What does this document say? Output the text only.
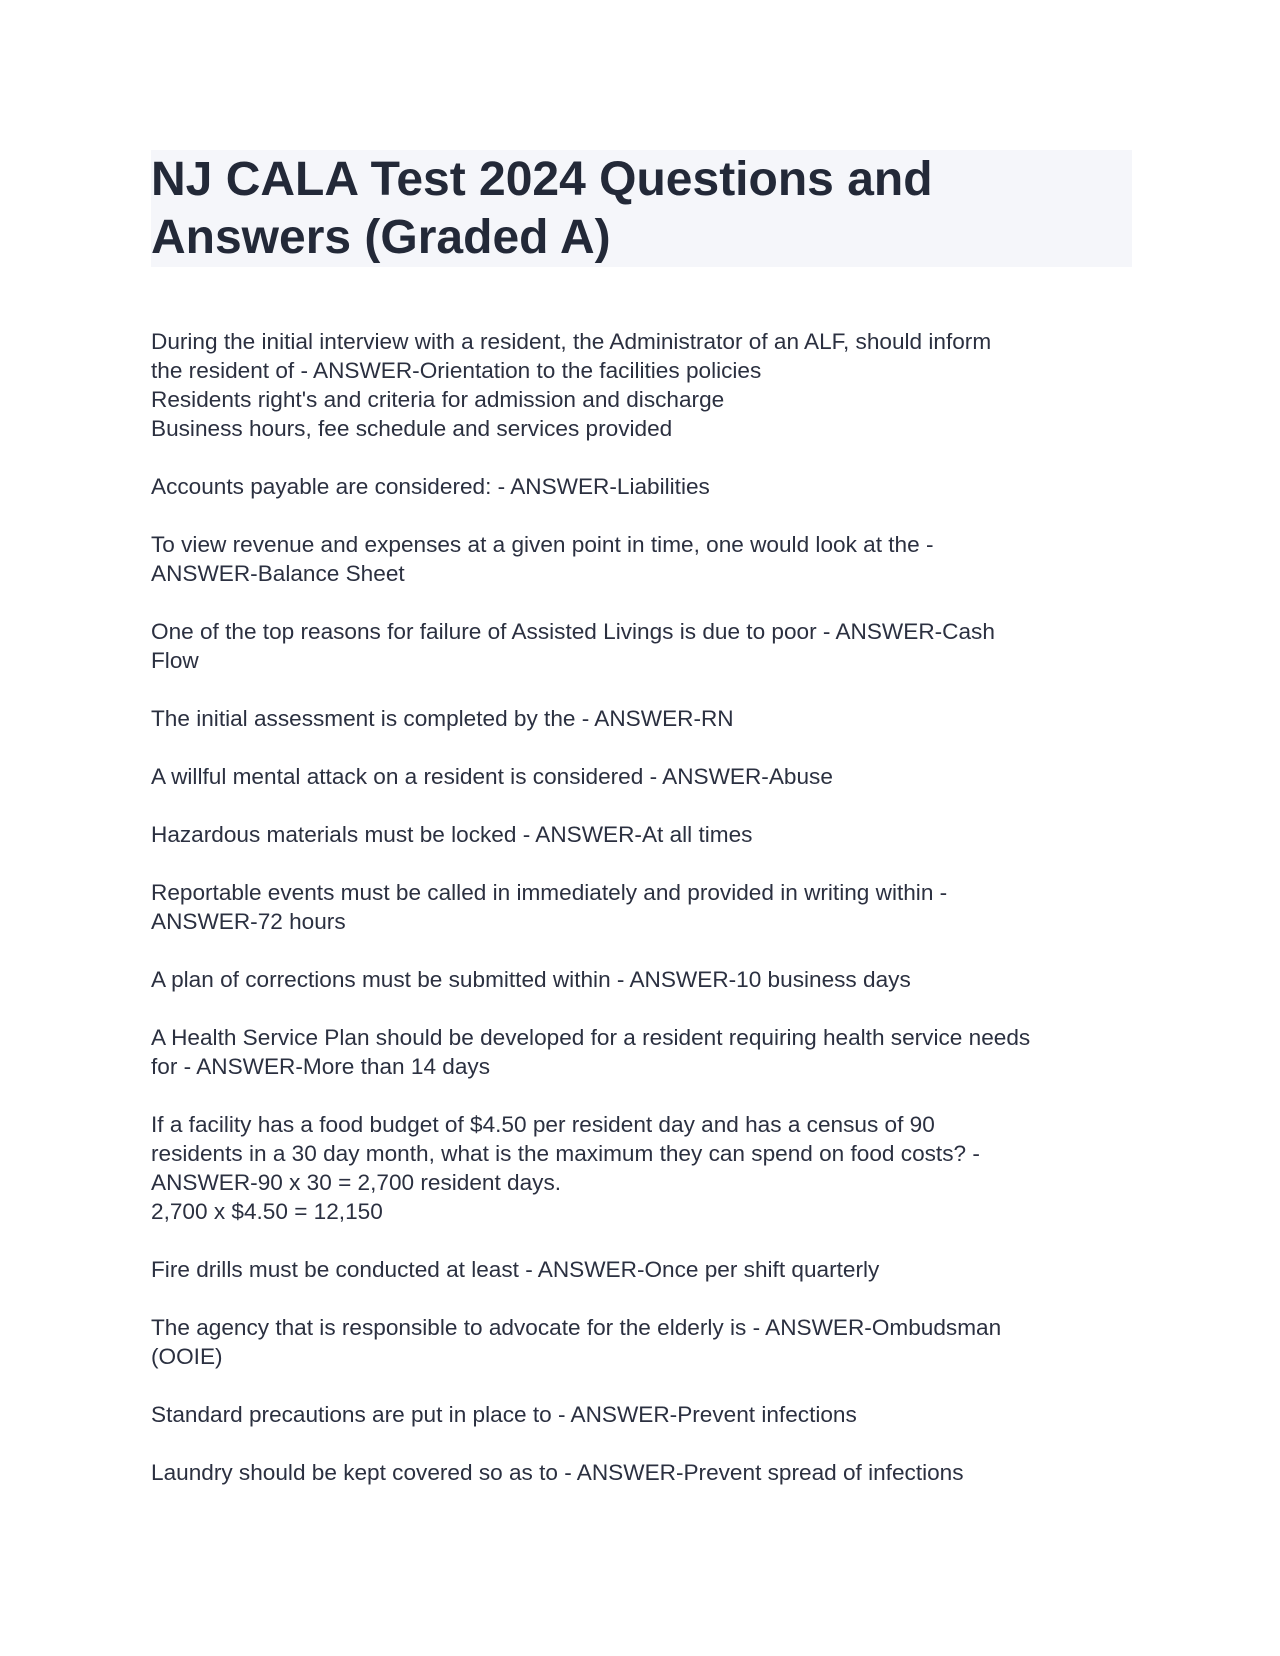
NJ CALA Test 2024 Questions and
Answers (Graded A)

During the initial interview with a resident, the Administrator of an ALF, should inform
the resident of - ANSWER-Orientation to the facilities policies
Residents right's and criteria for admission and discharge
Business hours, fee schedule and services provided

Accounts payable are considered: - ANSWER-Liabilities

To view revenue and expenses at a given point in time, one would look at the -
ANSWER-Balance Sheet

One of the top reasons for failure of Assisted Livings is due to poor - ANSWER-Cash
Flow

The initial assessment is completed by the - ANSWER-RN

A willful mental attack on a resident is considered - ANSWER-Abuse

Hazardous materials must be locked - ANSWER-At all times

Reportable events must be called in immediately and provided in writing within -
ANSWER-72 hours

A plan of corrections must be submitted within - ANSWER-10 business days

A Health Service Plan should be developed for a resident requiring health service needs
for - ANSWER-More than 14 days

If a facility has a food budget of $4.50 per resident day and has a census of 90
residents in a 30 day month, what is the maximum they can spend on food costs? -
ANSWER-90 x 30 = 2,700 resident days.
2,700 x $4.50 = 12,150

Fire drills must be conducted at least - ANSWER-Once per shift quarterly

The agency that is responsible to advocate for the elderly is - ANSWER-Ombudsman
(OOIE)

Standard precautions are put in place to - ANSWER-Prevent infections

Laundry should be kept covered so as to - ANSWER-Prevent spread of infections
